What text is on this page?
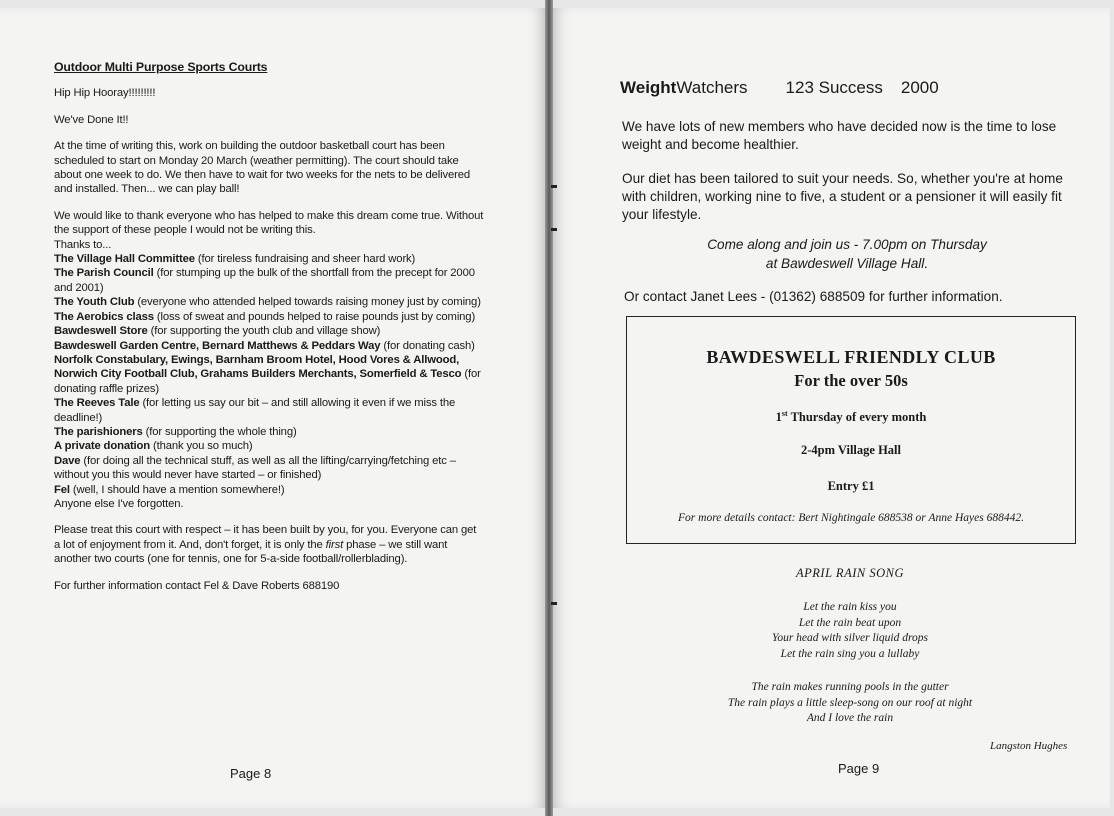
Outdoor Multi Purpose Sports Courts

Hip Hip Hooray!!!!!!!!!

We've Done It!!

At the time of writing this, work on building the outdoor basketball court has been scheduled to start on Monday 20 March (weather permitting). The court should take about one week to do. We then have to wait for two weeks for the nets to be delivered and installed. Then... we can play ball!

We would like to thank everyone who has helped to make this dream come true. Without the support of these people I would not be writing this.

Thanks to...

The Village Hall Committee (for tireless fundraising and sheer hard work)

The Parish Council (for stumping up the bulk of the shortfall from the precept for 2000 and 2001)

The Youth Club (everyone who attended helped towards raising money just by coming)

The Aerobics class (loss of sweat and pounds helped to raise pounds just by coming)

Bawdeswell Store (for supporting the youth club and village show)

Bawdeswell Garden Centre, Bernard Matthews & Peddars Way (for donating cash)

Norfolk Constabulary, Ewings, Barnham Broom Hotel, Hood Vores & Allwood, Norwich City Football Club, Grahams Builders Merchants, Somerfield & Tesco (for donating raffle prizes)

The Reeves Tale (for letting us say our bit – and still allowing it even if we miss the deadline!)

The parishioners (for supporting the whole thing)

A private donation (thank you so much)

Dave (for doing all the technical stuff, as well as all the lifting/carrying/fetching etc – without you this would never have started – or finished)

Fel (well, I should have a mention somewhere!)

Anyone else I've forgotten.

Please treat this court with respect – it has been built by you, for you. Everyone can get a lot of enjoyment from it. And, don't forget, it is only the first phase – we still want another two courts (one for tennis, one for 5-a-side football/rollerblading).

For further information contact Fel & Dave Roberts 688190

Page 8
WeightWatchers 123 Success 2000
We have lots of new members who have decided now is the time to lose weight and become healthier.
Our diet has been tailored to suit your needs. So, whether you're at home with children, working nine to five, a student or a pensioner it will easily fit your lifestyle.
Come along and join us - 7.00pm on Thursday
at Bawdeswell Village Hall.
Or contact Janet Lees - (01362) 688509 for further information.
BAWDESWELL FRIENDLY CLUB
For the over 50s
1st Thursday of every month
2-4pm Village Hall
Entry £1
For more details contact: Bert Nightingale 688538 or Anne Hayes 688442.
APRIL RAIN SONG
Let the rain kiss you
Let the rain beat upon
Your head with silver liquid drops
Let the rain sing you a lullaby
The rain makes running pools in the gutter
The rain plays a little sleep-song on our roof at night
And I love the rain
Langston Hughes
Page 9
